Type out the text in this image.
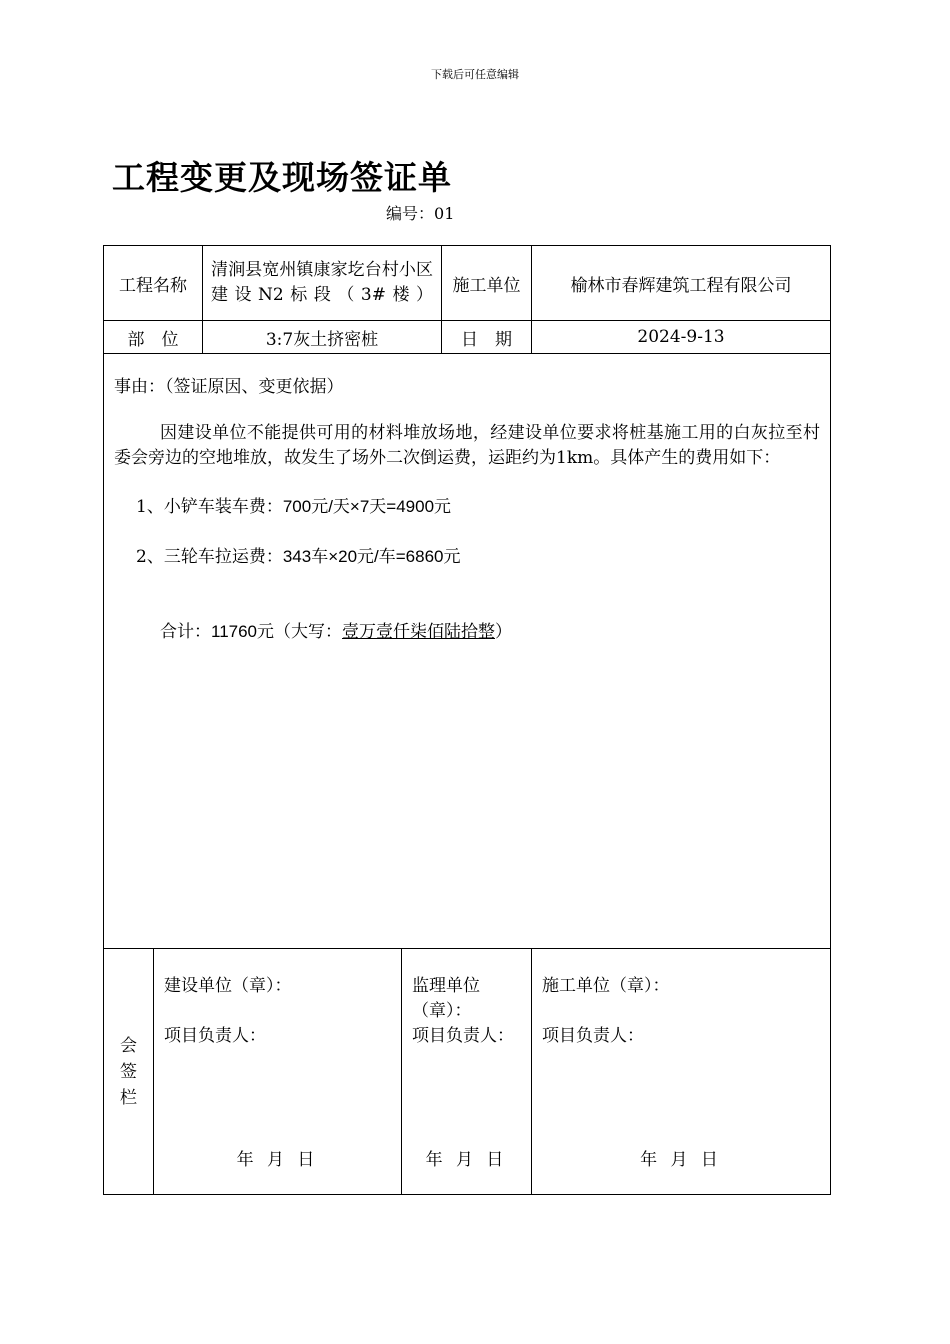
下载后可任意编辑
工程变更及现场签证单
编号：01
工程名称		清涧县宽州镇康家圪台村小区建设N2标段（3#楼）		施工单位	榆林市春辉建筑工程有限公司
部　位		3:7灰土挤密桩		日　期	2024-9-13

事由：（签证原因、变更依据）

因建设单位不能提供可用的材料堆放场地，经建设单位要求将桩基施工用的白灰拉至村委会旁边的空地堆放，故发生了场外二次倒运费，运距约为1km。具体产生的费用如下：

1、小铲车装车费：700元/天×7天=4900元

2、三轮车拉运费：343车×20元/车=6860元

合计：11760元（大写：壹万壹仟柒佰陆拾整）					

会签栏	建设单位（章）：
项目负责人：
年 月 日		监理单位（章）：
项目负责人：
年 月 日		施工单位（章）：
项目负责人：
年 月 日
